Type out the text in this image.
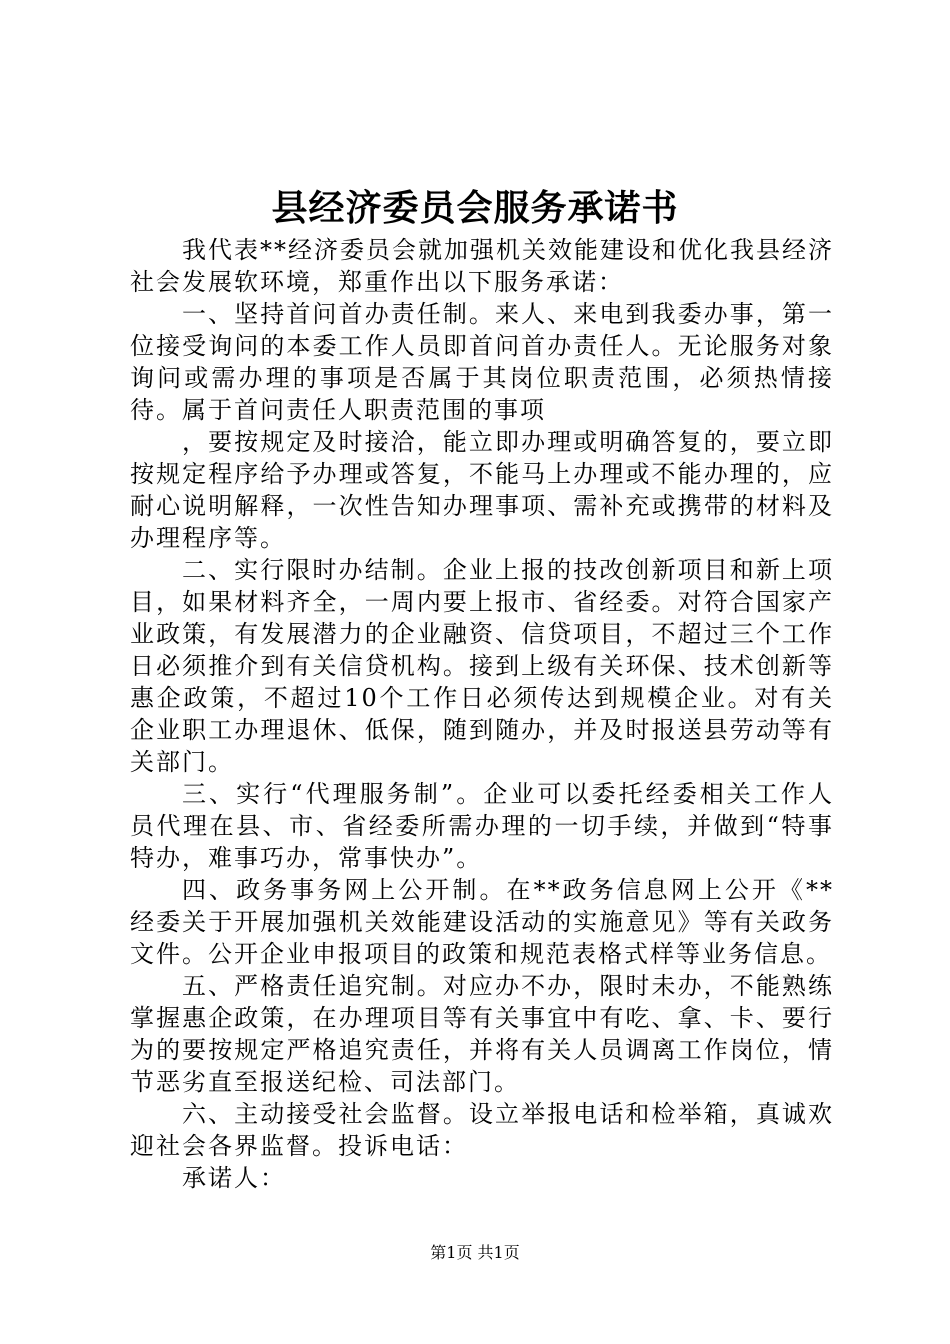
县经济委员会服务承诺书

我代表**经济委员会就加强机关效能建设和优化我县经济社会发展软环境，郑重作出以下服务承诺：

一、坚持首问首办责任制。来人、来电到我委办事，第一位接受询问的本委工作人员即首问首办责任人。无论服务对象询问或需办理的事项是否属于其岗位职责范围，必须热情接待。属于首问责任人职责范围的事项

，要按规定及时接洽，能立即办理或明确答复的，要立即按规定程序给予办理或答复，不能马上办理或不能办理的，应耐心说明解释，一次性告知办理事项、需补充或携带的材料及办理程序等。

二、实行限时办结制。企业上报的技改创新项目和新上项目，如果材料齐全，一周内要上报市、省经委。对符合国家产业政策，有发展潜力的企业融资、信贷项目，不超过三个工作日必须推介到有关信贷机构。接到上级有关环保、技术创新等惠企政策，不超过10个工作日必须传达到规模企业。对有关企业职工办理退休、低保，随到随办，并及时报送县劳动等有关部门。

三、实行“代理服务制”。企业可以委托经委相关工作人员代理在县、市、省经委所需办理的一切手续，并做到“特事特办，难事巧办，常事快办”。

四、政务事务网上公开制。在**政务信息网上公开《**经委关于开展加强机关效能建设活动的实施意见》等有关政务文件。公开企业申报项目的政策和规范表格式样等业务信息。

五、严格责任追究制。对应办不办，限时未办，不能熟练掌握惠企政策，在办理项目等有关事宜中有吃、拿、卡、要行为的要按规定严格追究责任，并将有关人员调离工作岗位，情节恶劣直至报送纪检、司法部门。

六、主动接受社会监督。设立举报电话和检举箱，真诚欢迎社会各界监督。投诉电话：

承诺人：

第1页 共1页
